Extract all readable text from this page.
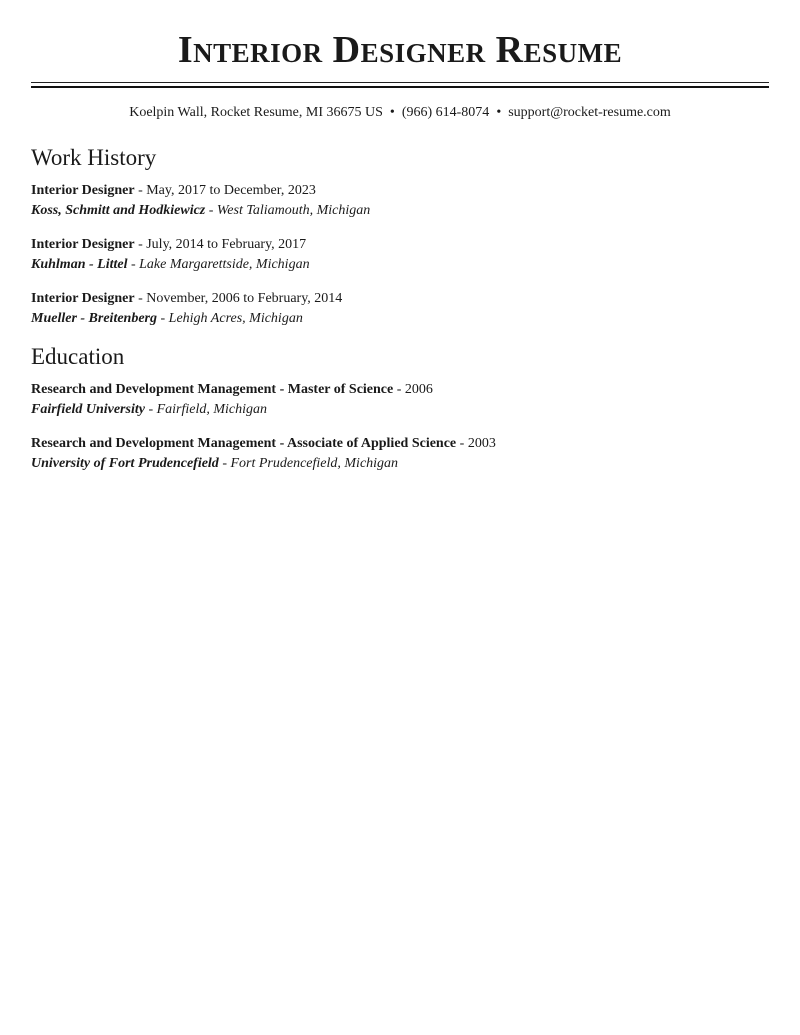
Interior Designer Resume
Koelpin Wall, Rocket Resume, MI 36675 US • (966) 614-8074 • support@rocket-resume.com
Work History
Interior Designer - May, 2017 to December, 2023
Koss, Schmitt and Hodkiewicz - West Taliamouth, Michigan
Interior Designer - July, 2014 to February, 2017
Kuhlman - Littel - Lake Margarettside, Michigan
Interior Designer - November, 2006 to February, 2014
Mueller - Breitenberg - Lehigh Acres, Michigan
Education
Research and Development Management - Master of Science - 2006
Fairfield University - Fairfield, Michigan
Research and Development Management - Associate of Applied Science - 2003
University of Fort Prudencefield - Fort Prudencefield, Michigan
